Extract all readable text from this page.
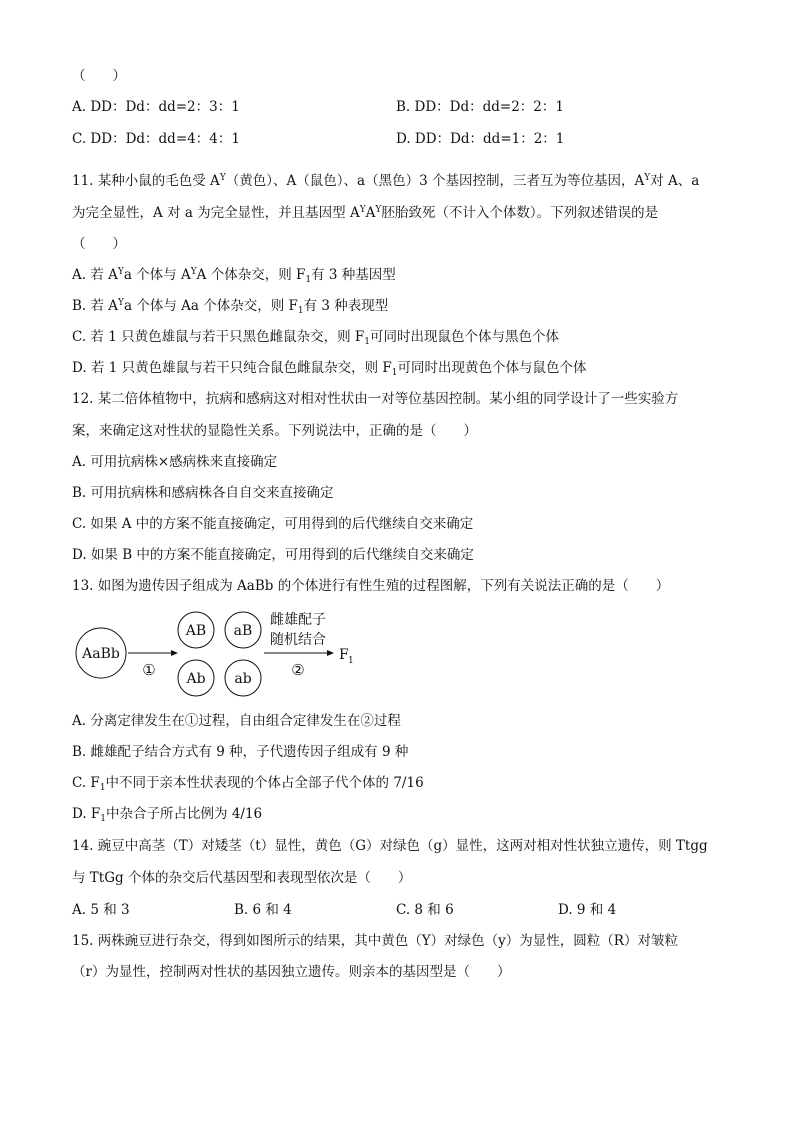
（　　）
A. DD：Dd：dd=2：3：1	B. DD：Dd：dd=2：2：1
C. DD：Dd：dd=4：4：1	D. DD：Dd：dd=1：2：1
11. 某种小鼠的毛色受 $A^Y$（黄色）、A（鼠色）、a（黑色）3 个基因控制，三者互为等位基因，$A^Y$对 A、a
为完全显性，A 对 a 为完全显性，并且基因型 $A^YA^Y$胚胎致死（不计入个体数）。下列叙述错误的是
（　　）
A. 若 $A^Ya$ 个体与 $A^YA$ 个体杂交，则 $F_1$有 3 种基因型
B. 若 $A^Ya$ 个体与 Aa 个体杂交，则 $F_1$有 3 种表现型
C. 若 1 只黄色雄鼠与若干只黑色雌鼠杂交，则 $F_1$可同时出现鼠色个体与黑色个体
D. 若 1 只黄色雄鼠与若干只纯合鼠色雌鼠杂交，则 $F_1$可同时出现黄色个体与鼠色个体
12. 某二倍体植物中，抗病和感病这对相对性状由一对等位基因控制。某小组的同学设计了一些实验方
案，来确定这对性状的显隐性关系。下列说法中，正确的是（　　）
A. 可用抗病株×感病株来直接确定
B. 可用抗病株和感病株各自自交来直接确定
C. 如果 A 中的方案不能直接确定，可用得到的后代继续自交来确定
D. 如果 B 中的方案不能直接确定，可用得到的后代继续自交来确定
13. 如图为遗传因子组成为 AaBb 的个体进行有性生殖的过程图解，下列有关说法正确的是（　　）
AaBb
①
AB aB
Ab ab
雌雄配子
随机结合
②
F 1
A. 分离定律发生在①过程，自由组合定律发生在②过程
B. 雌雄配子结合方式有 9 种，子代遗传因子组成有 9 种
C. $F_1$中不同于亲本性状表现的个体占全部子代个体的 7/16
D. $F_1$中杂合子所占比例为 4/16
14. 豌豆中高茎（T）对矮茎（t）显性，黄色（G）对绿色（g）显性，这两对相对性状独立遗传，则 Ttgg
与 TtGg 个体的杂交后代基因型和表现型依次是（　　）
A. 5 和 3	B. 6 和 4	C. 8 和 6	D. 9 和 4
15. 两株豌豆进行杂交，得到如图所示的结果，其中黄色（Y）对绿色（y）为显性，圆粒（R）对皱粒
（r）为显性，控制两对性状的基因独立遗传。则亲本的基因型是（　　）
